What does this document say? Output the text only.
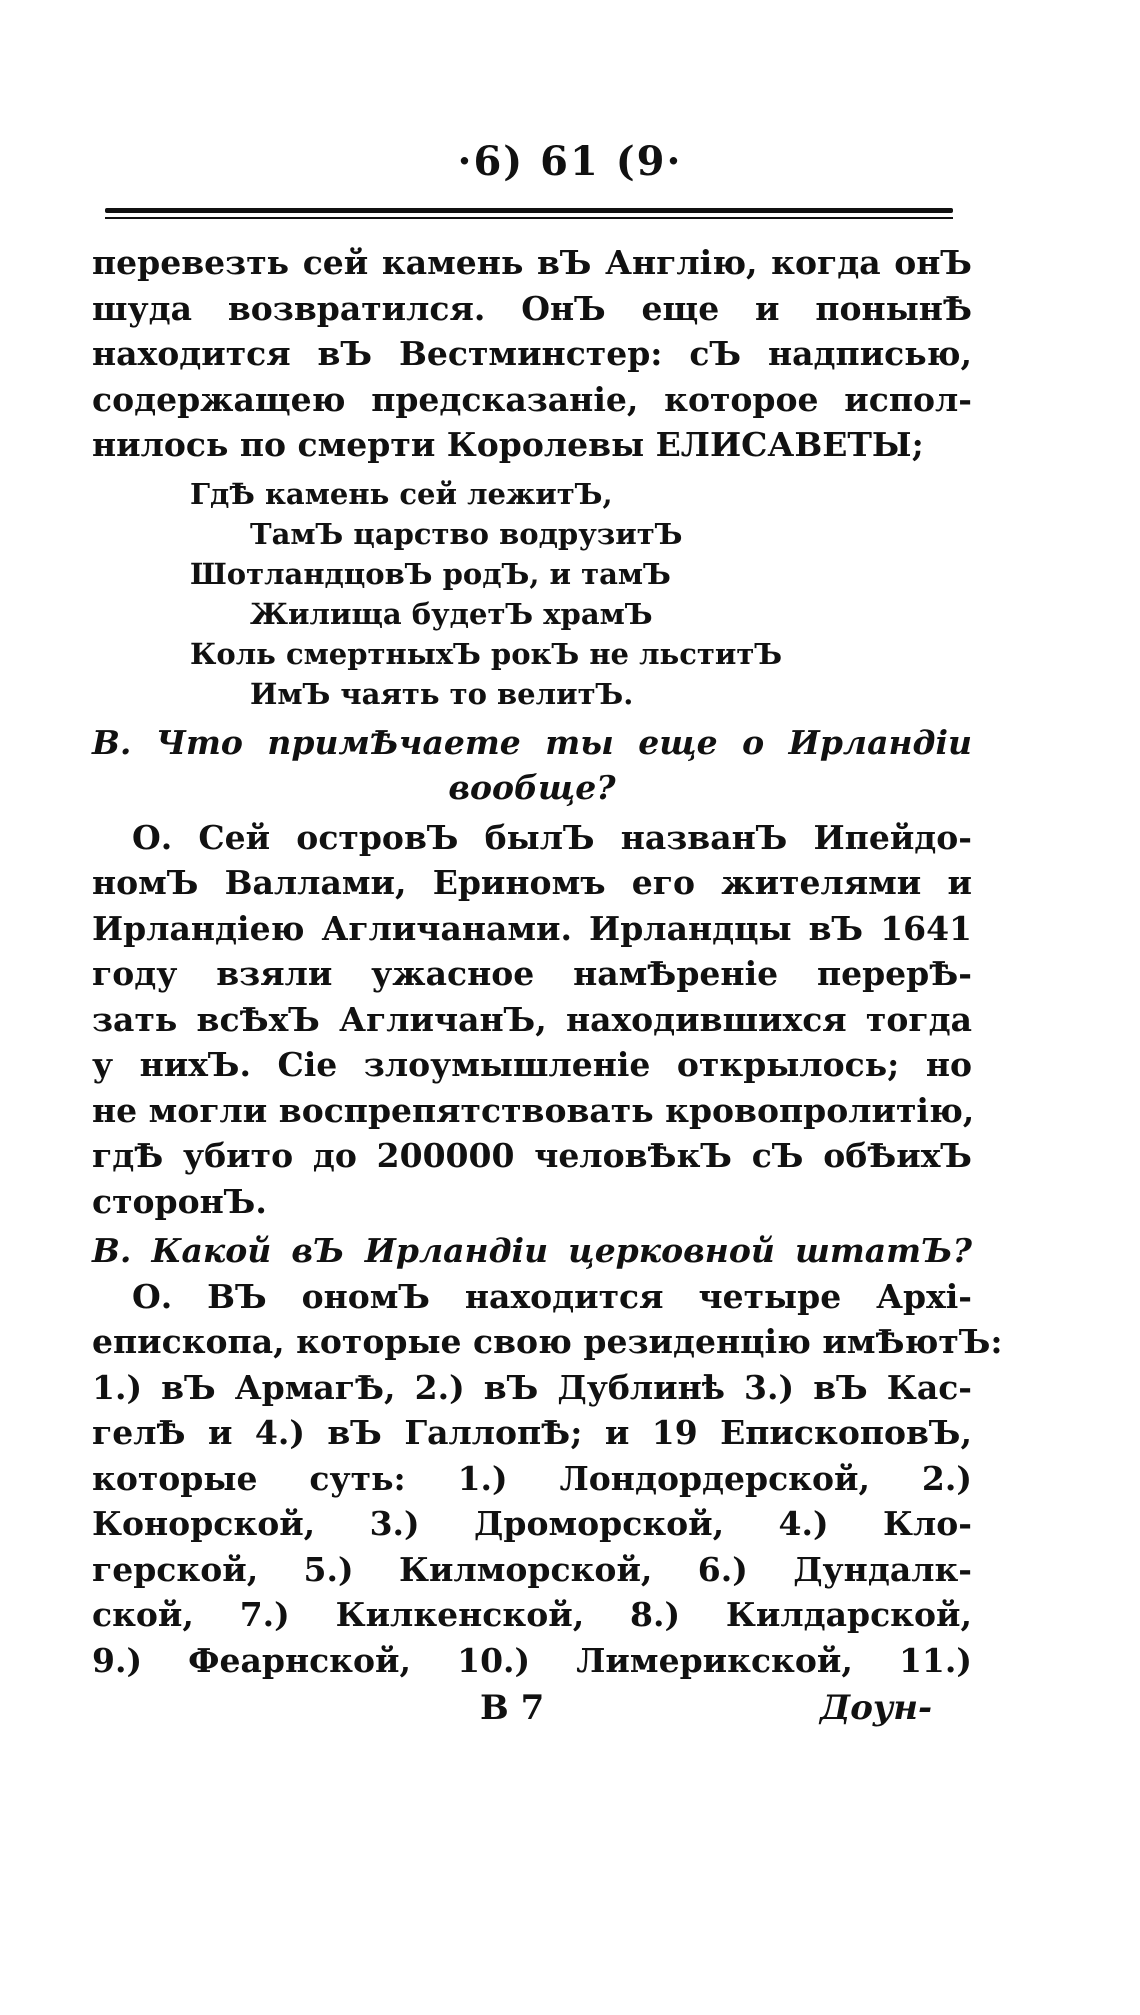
·6) 61 (9·
перевезть сей камень вЪ Англію, когда онЪ
шуда возвратился. ОнЪ еще и понынѢ
находится вЪ Вестминстер: сЪ надписью,
содержащею предсказаніе, которое испол-
нилось по смерти Королевы ЕЛИСАВЕТЫ;
ГдѢ камень сей лежитЪ,
ТамЪ царство водрузитЪ
ШотландцовЪ родЪ, и тамЪ
Жилища будетЪ храмЪ
Коль смертныхЪ рокЪ не льститЪ
ИмЪ чаять то велитЪ.
В. Что примѢчаете ты еще о Ирландіи
вообще?
О. Сей островЪ былЪ названЪ Ипейдо-
номЪ Валлами, Ериномъ его жителями и
Ирландіею Агличанами. Ирландцы вЪ 1641
году взяли ужасное намѢреніе перерѢ-
зать всѢхЪ АгличанЪ, находившихся тогда
у нихЪ. Сіе злоумышленіе открылось; но
не могли воспрепятствовать кровопролитію,
гдѢ убито до 200000 человѢкЪ сЪ обѢихЪ
сторонЪ.
В. Какой вЪ Ирландіи церковной штатЪ?
О. ВЪ ономЪ находится четыре Архі-
епископа, которые свою резиденцію имѢютЪ:
1.) вЪ АрмагѢ, 2.) вЪ Дублинѣ 3.) вЪ Кас-
гелѢ и 4.) вЪ ГаллопѢ; и 19 ЕпископовЪ,
которые суть: 1.) Лондордерской, 2.)
Конорской, 3.) Дроморской, 4.) Кло-
герской, 5.) Килморской, 6.) Дундалк-
ской, 7.) Килкенской, 8.) Килдарской,
9.) Феарнской, 10.) Лимерикской, 11.)
B 7	Доун-
